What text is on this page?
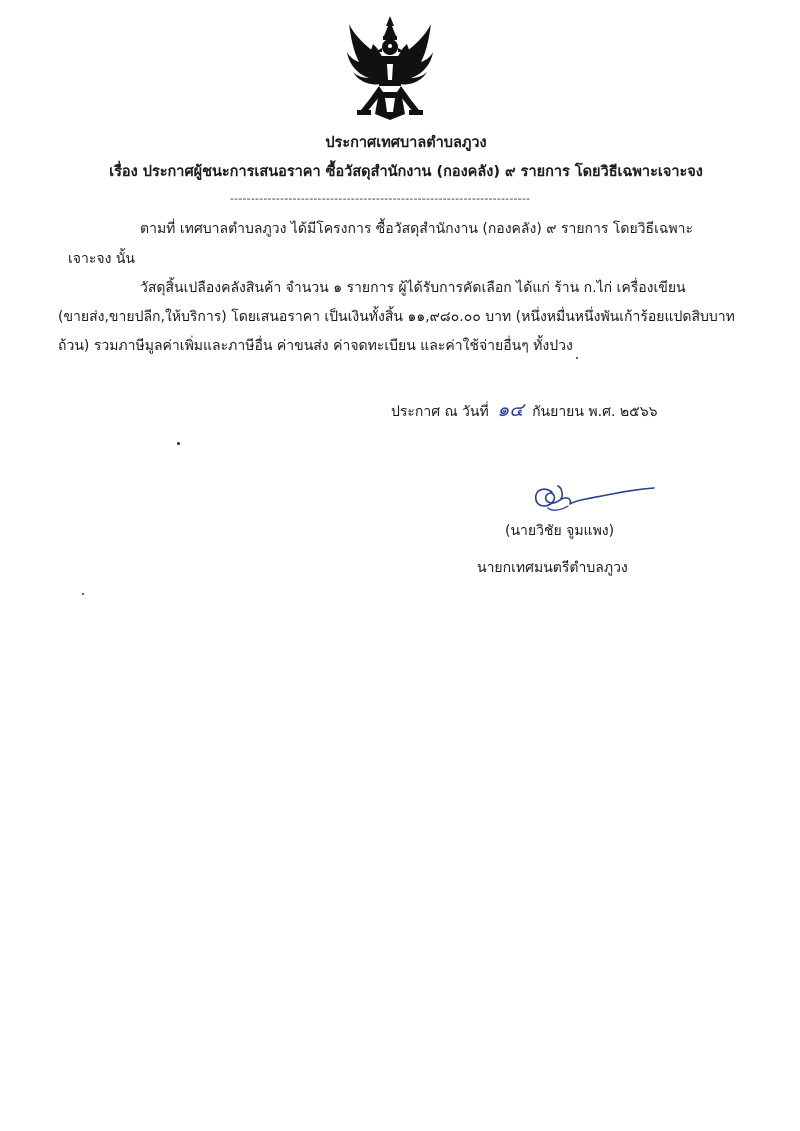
ประกาศเทศบาลตำบลภูวง
เรื่อง ประกาศผู้ชนะการเสนอราคา ซื้อวัสดุสำนักงาน (กองคลัง) ๙ รายการ โดยวิธีเฉพาะเจาะจง
------------------------------------------------------------------------
ตามที่ เทศบาลตำบลภูวง ได้มีโครงการ ซื้อวัสดุสำนักงาน (กองคลัง) ๙ รายการ โดยวิธีเฉพาะ
เจาะจง นั้น
วัสดุสิ้นเปลืองคลังสินค้า จำนวน ๑ รายการ ผู้ได้รับการคัดเลือก ได้แก่ ร้าน ก.ไก่ เครื่องเขียน
(ขายส่ง,ขายปลีก,ให้บริการ) โดยเสนอราคา เป็นเงินทั้งสิ้น ๑๑,๙๘๐.๐๐ บาท (หนึ่งหมื่นหนึ่งพันเก้าร้อยแปดสิบบาท
ถ้วน) รวมภาษีมูลค่าเพิ่มและภาษีอื่น ค่าขนส่ง ค่าจดทะเบียน และค่าใช้จ่ายอื่นๆ ทั้งปวง
ประกาศ ณ วันที่ ๑๔ กันยายน พ.ศ. ๒๕๖๖
(นายวิชัย จูมแพง)
นายกเทศมนตรีตำบลภูวง
